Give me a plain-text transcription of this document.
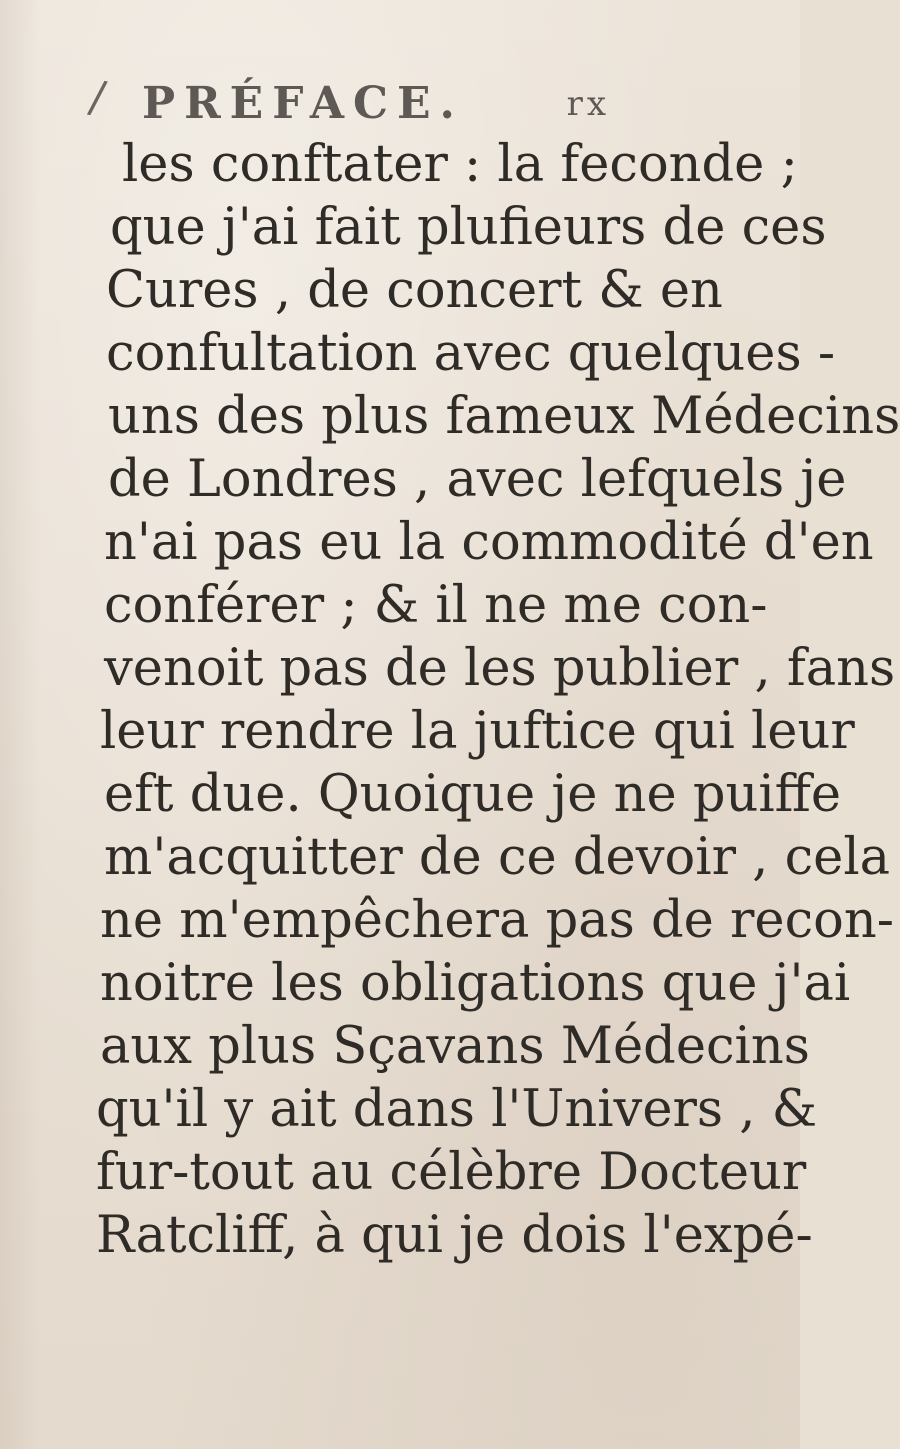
/ PRÉFACE.	rx
les conftater : la feconde ;
que j'ai fait plufieurs de ces
Cures , de concert & en
confultation avec quelques -
uns des plus fameux Médecins
de Londres , avec lefquels je
n'ai pas eu la commodité d'en
conférer ; & il ne me con-
venoit pas de les publier , fans
leur rendre la juftice qui leur
eft due. Quoique je ne puiffe
m'acquitter de ce devoir , cela
ne m'empêchera pas de recon-
noitre les obligations que j'ai
aux plus Sçavans Médecins
qu'il y ait dans l'Univers , &
fur-tout au célèbre Docteur
Ratcliff, à qui je dois l'expé-
